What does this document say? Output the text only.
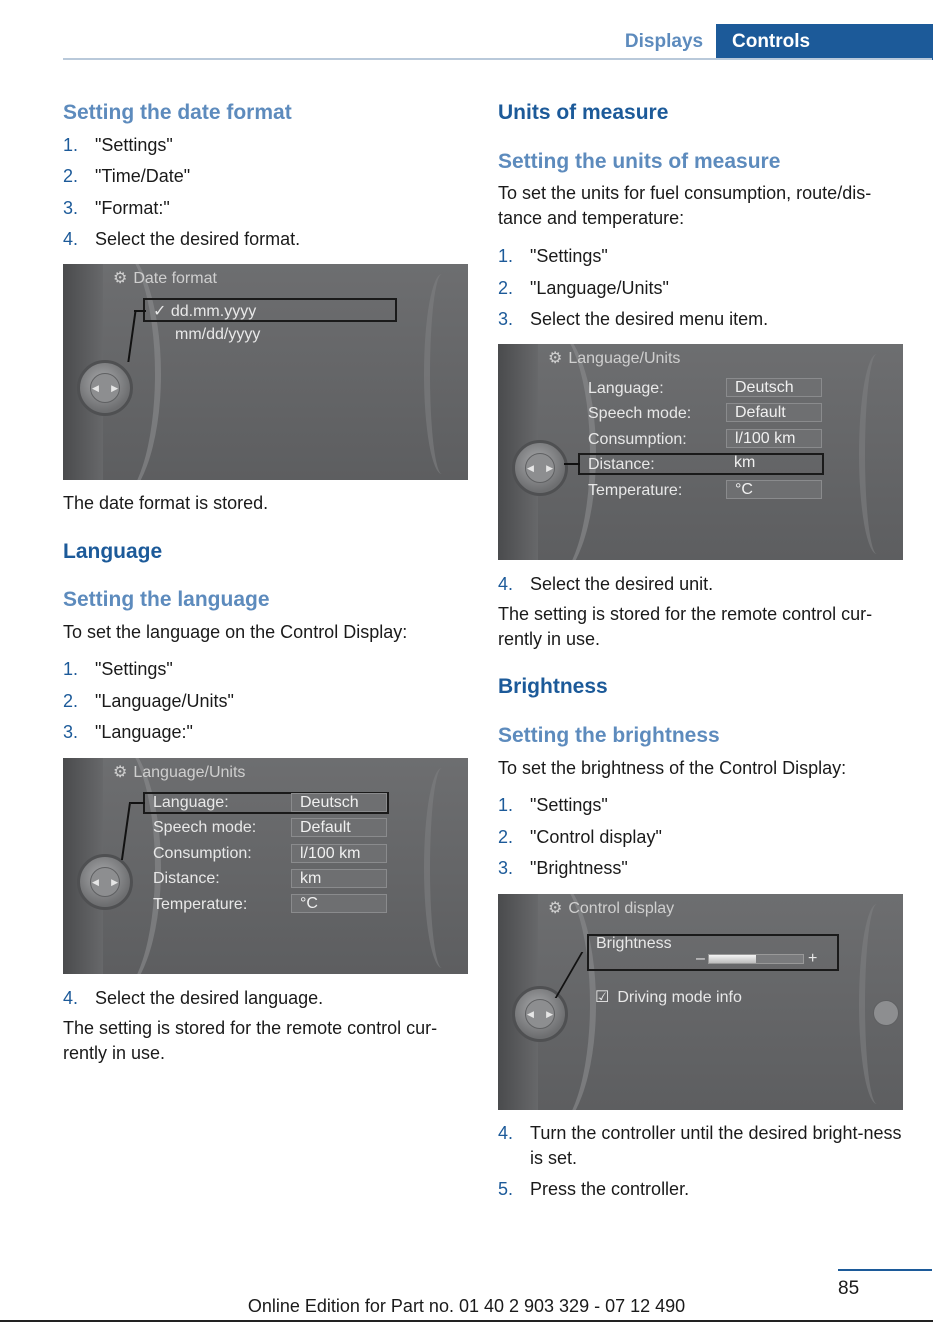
Displays	Controls
Setting the date format
1. "Settings"
2. "Time/Date"
3. "Format:"
4. Select the desired format.
◀ ▶
⚙ Date format
✓ dd.mm.yyyy
mm/dd/yyyy
The date format is stored.
Language
Setting the language
To set the language on the Control Display:
1. "Settings"
2. "Language/Units"
3. "Language:"
◀ ▶
⚙ Language/Units
Language:	Deutsch
Speech mode:	Default
Consumption:	l/100 km
Distance:	km
Temperature:	°C
4. Select the desired language.
The setting is stored for the remote control cur-rently in use.
Units of measure
Setting the units of measure
To set the units for fuel consumption, route/dis-tance and temperature:
1. "Settings"
2. "Language/Units"
3. Select the desired menu item.
◀ ▶
⚙ Language/Units
Language:	Deutsch
Speech mode:	Default
Consumption:	l/100 km
Distance:	km
Temperature:	°C
4. Select the desired unit.
The setting is stored for the remote control cur-rently in use.
Brightness
Setting the brightness
To set the brightness of the Control Display:
1. "Settings"
2. "Control display"
3. "Brightness"
◀ ▶
⚙ Control display
Brightness
–	+
☑ Driving mode info
4. Turn the controller until the desired bright-ness is set.
5. Press the controller.
85
Online Edition for Part no. 01 40 2 903 329 - 07 12 490
